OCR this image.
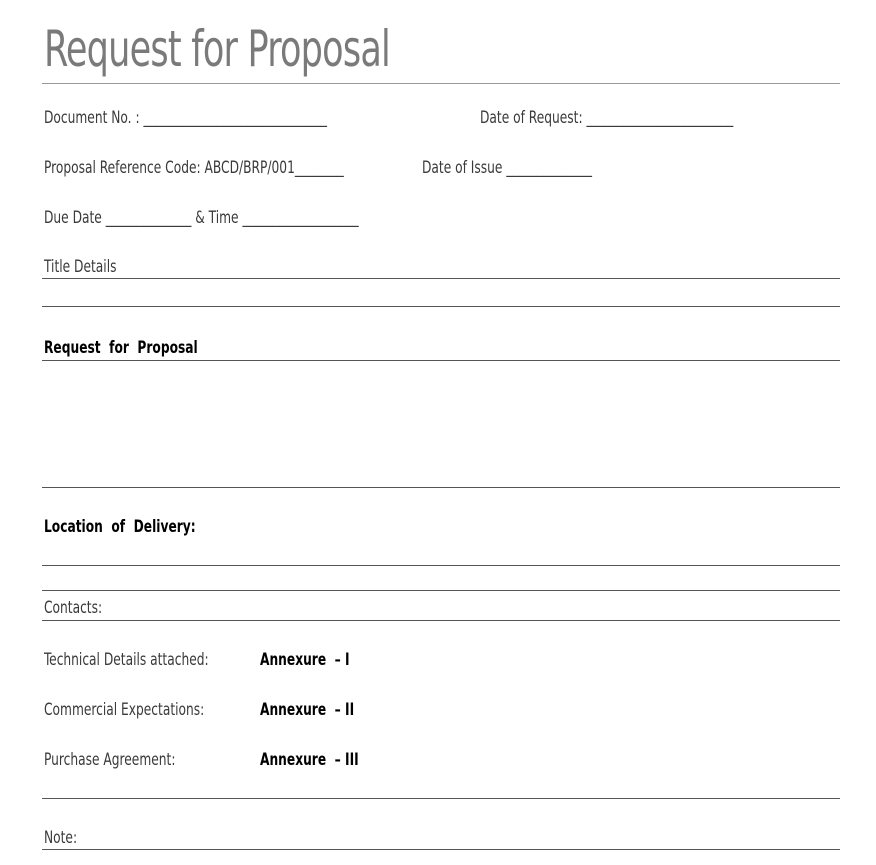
Request for Proposal
Document No. : ______________________________	Date of Request: ________________________
Proposal Reference Code: ABCD/BRP/001________	Date of Issue ______________
Due Date ______________ & Time ___________________
Title Details
Request  for  Proposal
Location  of  Delivery:
Contacts:
Technical Details attached:	Annexure  – I
Commercial Expectations:	Annexure  – II
Purchase Agreement:	Annexure  – III
Note:
